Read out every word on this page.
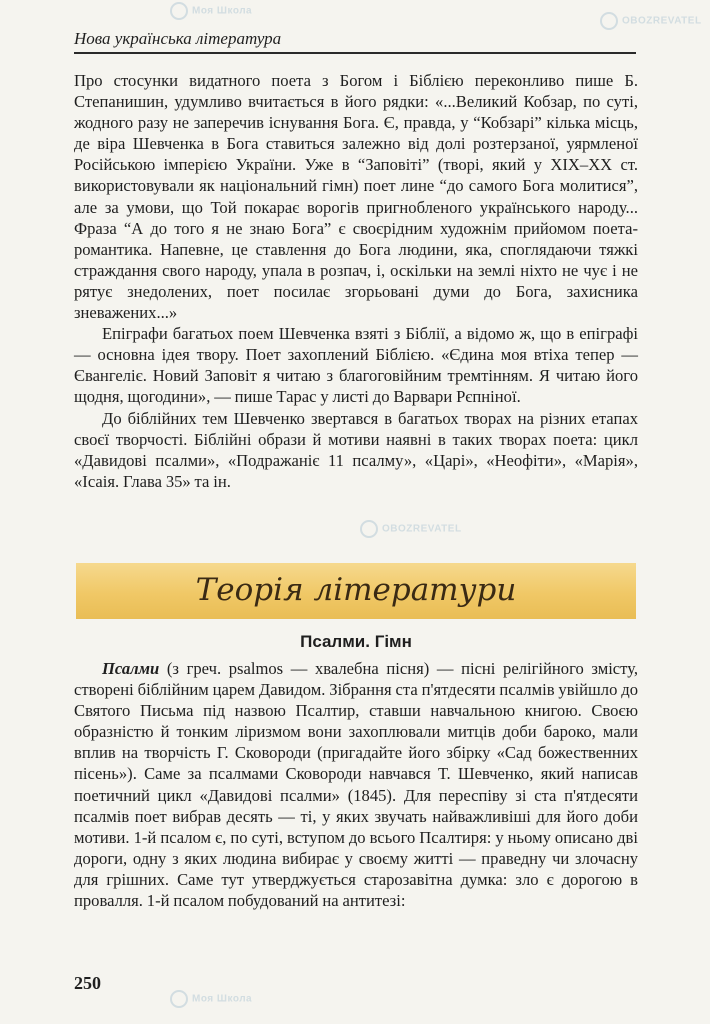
Нова українська література

Про стосунки видатного поета з Богом і Біблією переконливо пише Б. Степанишин, удумливо вчитається в його рядки: «...Великий Кобзар, по суті, жодного разу не заперечив існування Бога. Є, правда, у “Кобзарі” кілька місць, де віра Шевченка в Бога ставиться залежно від долі розтерзаної, уярмленої Російською імперією України. Уже в “Заповіті” (творі, який у XIX–XX ст. використовували як національний гімн) поет лине “до самого Бога молитися”, але за умови, що Той покарає ворогів пригнобленого українського народу... Фраза “А до того я не знаю Бога” є своєрідним художнім прийомом поета-романтика. Напевне, це ставлення до Бога людини, яка, споглядаючи тяжкі страждання свого народу, упала в розпач, і, оскільки на землі ніхто не чує і не рятує знедолених, поет посилає згорьовані думи до Бога, захисника зневажених...»

Епіграфи багатьох поем Шевченка взяті з Біблії, а відомо ж, що в епіграфі — основна ідея твору. Поет захоплений Біблією. «Єдина моя втіха тепер — Євангеліє. Новий Заповіт я читаю з благоговійним тремтінням. Я читаю його щодня, щогодини», — пише Тарас у листі до Варвари Рєпніної.

До біблійних тем Шевченко звертався в багатьох творах на різних етапах своєї творчості. Біблійні образи й мотиви наявні в таких творах поета: цикл «Давидові псалми», «Подражаніє 11 псалму», «Царі», «Неофіти», «Марія», «Ісаія. Глава 35» та ін.

Теорія літератури
Псалми. Гімн

Псалми (з греч. psalmos — хвалебна пісня) — пісні релігійного змісту, створені біблійним царем Давидом. Зібрання ста п'ятдесяти псалмів увійшло до Святого Письма під назвою Псалтир, ставши навчальною книгою. Своєю образністю й тонким ліризмом вони захоплювали митців доби бароко, мали вплив на творчість Г. Сковороди (пригадайте його збірку «Сад божественних пісень»). Саме за псалмами Сковороди навчався Т. Шевченко, який написав поетичний цикл «Давидові псалми» (1845). Для переспіву зі ста п'ятдесяти псалмів поет вибрав десять — ті, у яких звучать найважливіші для його доби мотиви. 1-й псалом є, по суті, вступом до всього Псалтиря: у ньому описано дві дороги, одну з яких людина вибирає у своєму житті — праведну чи злочасну для грішних. Саме тут утверджується старозавітна думка: зло є дорогою в провалля. 1-й псалом побудований на антитезі:

250
Моя Школа
OBOZREVATEL
OBOZREVATEL
Моя Школа
